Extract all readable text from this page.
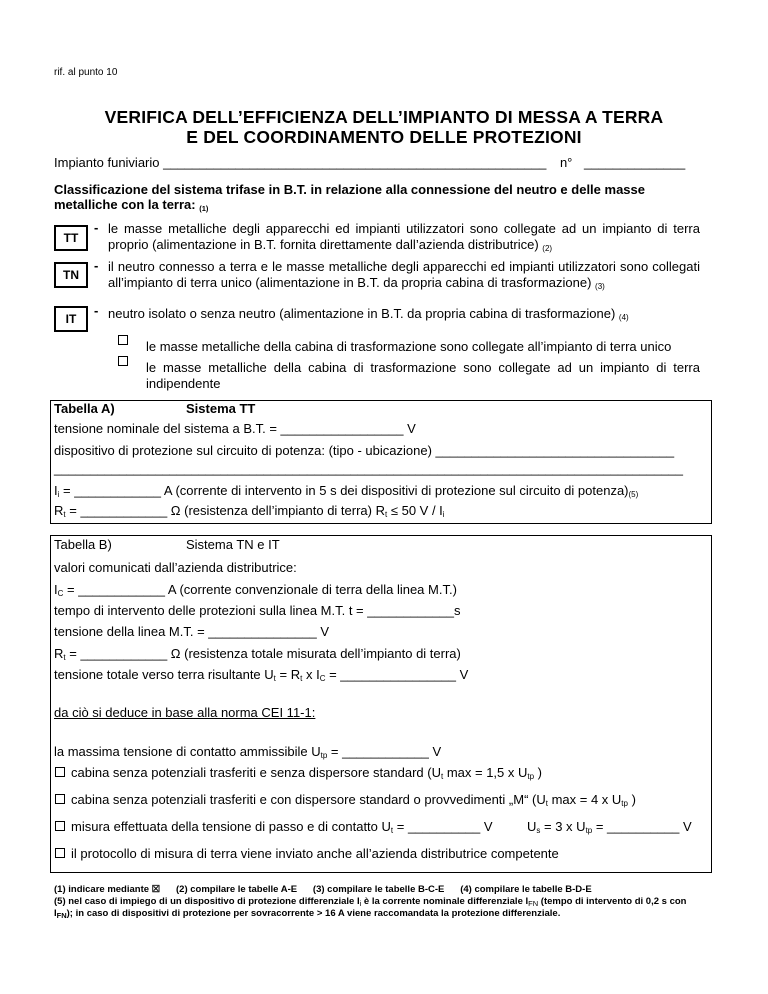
rif. al punto 10
VERIFICA DELL’EFFICIENZA DELL’IMPIANTO DI MESSA A TERRA
E DEL COORDINAMENTO DELLE PROTEZIONI
Impianto funiviario _____________________________________________________ n° ______________
Classificazione del sistema trifase in B.T. in relazione alla connessione del neutro e delle masse metalliche con la terra: (1)
TT
- le masse metalliche degli apparecchi ed impianti utilizzatori sono collegate ad un impianto di terra proprio (alimentazione in B.T. fornita direttamente dall’azienda distributrice) $_{(2)}$
TN
- il neutro connesso a terra e le masse metalliche degli apparecchi ed impianti utilizzatori sono collegati all’impianto di terra unico (alimentazione in B.T. da propria cabina di trasformazione) $_{(3)}$
IT
- neutro isolato o senza neutro (alimentazione in B.T. da propria cabina di trasformazione) $_{(4)}$
le masse metalliche della cabina di trasformazione sono collegate all’impianto di terra unico
le masse metalliche della cabina di trasformazione sono collegate ad un impianto di terra indipendente
Tabella A)	Sistema TT
tensione nominale del sistema a B.T. = _________________ V
dispositivo di protezione sul circuito di potenza: (tipo - ubicazione) _________________________________
_______________________________________________________________________________________
$I_i$ = ____________ A (corrente di intervento in 5 s dei dispositivi di protezione sul circuito di $potenza)_{(5)}$
$R_t$ = ____________ Ω (resistenza dell’impianto di terra) $R_t \le 50$ V / $I_i$
Tabella B)	Sistema TN e IT
valori comunicati dall’azienda distributrice:
$I_C$ = ____________ A (corrente convenzionale di terra della linea M.T.)
tempo di intervento delle protezioni sulla linea M.T. t = ____________s
tensione della linea M.T. = _______________ V
$R_t$ = ____________ Ω (resistenza totale misurata dell’impianto di terra)
tensione totale verso terra risultante $U_t = R_t$ x $I_C$ = ________________ V
da ciò si deduce in base alla norma CEI 11-1:
la massima tensione di contatto ammissibile $U_{tp}$ = ____________ V
cabina senza potenziali trasferiti e senza dispersore standard ($U_t$ max = 1,5 x $U_{tp}$ )
cabina senza potenziali trasferiti e con dispersore standard o provvedimenti „M“ ($U_t$ max = 4 x $U_{tp}$ )
misura effettuata della tensione di passo e di contatto $U_t$ = __________ V	$U_s = 3$ x $U_{tp}$ = __________ V
il protocollo di misura di terra viene inviato anche all’azienda distributrice competente
(1) indicare mediante ☒      (2) compilare le tabelle A-E      (3) compilare le tabelle B-C-E      (4) compilare le tabelle B-D-E
(5) nel caso di impiego di un dispositivo di protezione differenziale $I_i$ è la corrente nominale differenziale $I_{FN}$ (tempo di intervento di 0,2 s con
$I_{FN}$); in caso di dispositivi di protezione per sovracorrente > 16 A viene raccomandata la protezione differenziale.
